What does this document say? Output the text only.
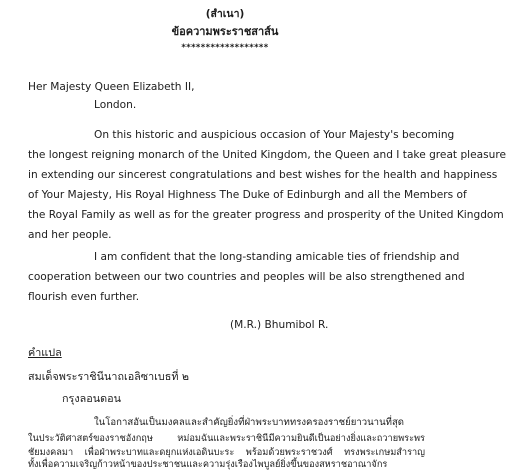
(สำเนา)
ข้อความพระราชสาส์น
******************
Her Majesty Queen Elizabeth II,
London.
On this historic and auspicious occasion of Your Majesty's becoming
the longest reigning monarch of the United Kingdom, the Queen and I take great pleasure
in extending our sincerest congratulations and best wishes for the health and happiness
of Your Majesty, His Royal Highness The Duke of Edinburgh and all the Members of
the Royal Family as well as for the greater progress and prosperity of the United Kingdom
and her people.
I am confident that the long-standing amicable ties of friendship and
cooperation between our two countries and peoples will be also strengthened and
flourish even further.
(M.R.) Bhumibol R.
คำแปล
สมเด็จพระราชินีนาถเอลิซาเบธที่ ๒
กรุงลอนดอน
ในโอกาสอันเป็นมงคลและสำคัญยิ่งที่ฝ่าพระบาททรงครองราชย์ยาวนานที่สุด
ในประวัติศาสตร์ของราชอังกฤษ หม่อมฉันและพระราชินีมีความยินดีเป็นอย่างยิ่งและถวายพระพร
ชัยมงคลมา เพื่อฝ่าพระบาทและดยุกแห่งเอดินบะระ พร้อมด้วยพระราชวงศ์ ทรงพระเกษมสำราญ
ทั้งเพื่อความเจริญก้าวหน้าของประชาชนและความรุ่งเรืองไพบูลย์ยิ่งขึ้นของสหราชอาณาจักร
